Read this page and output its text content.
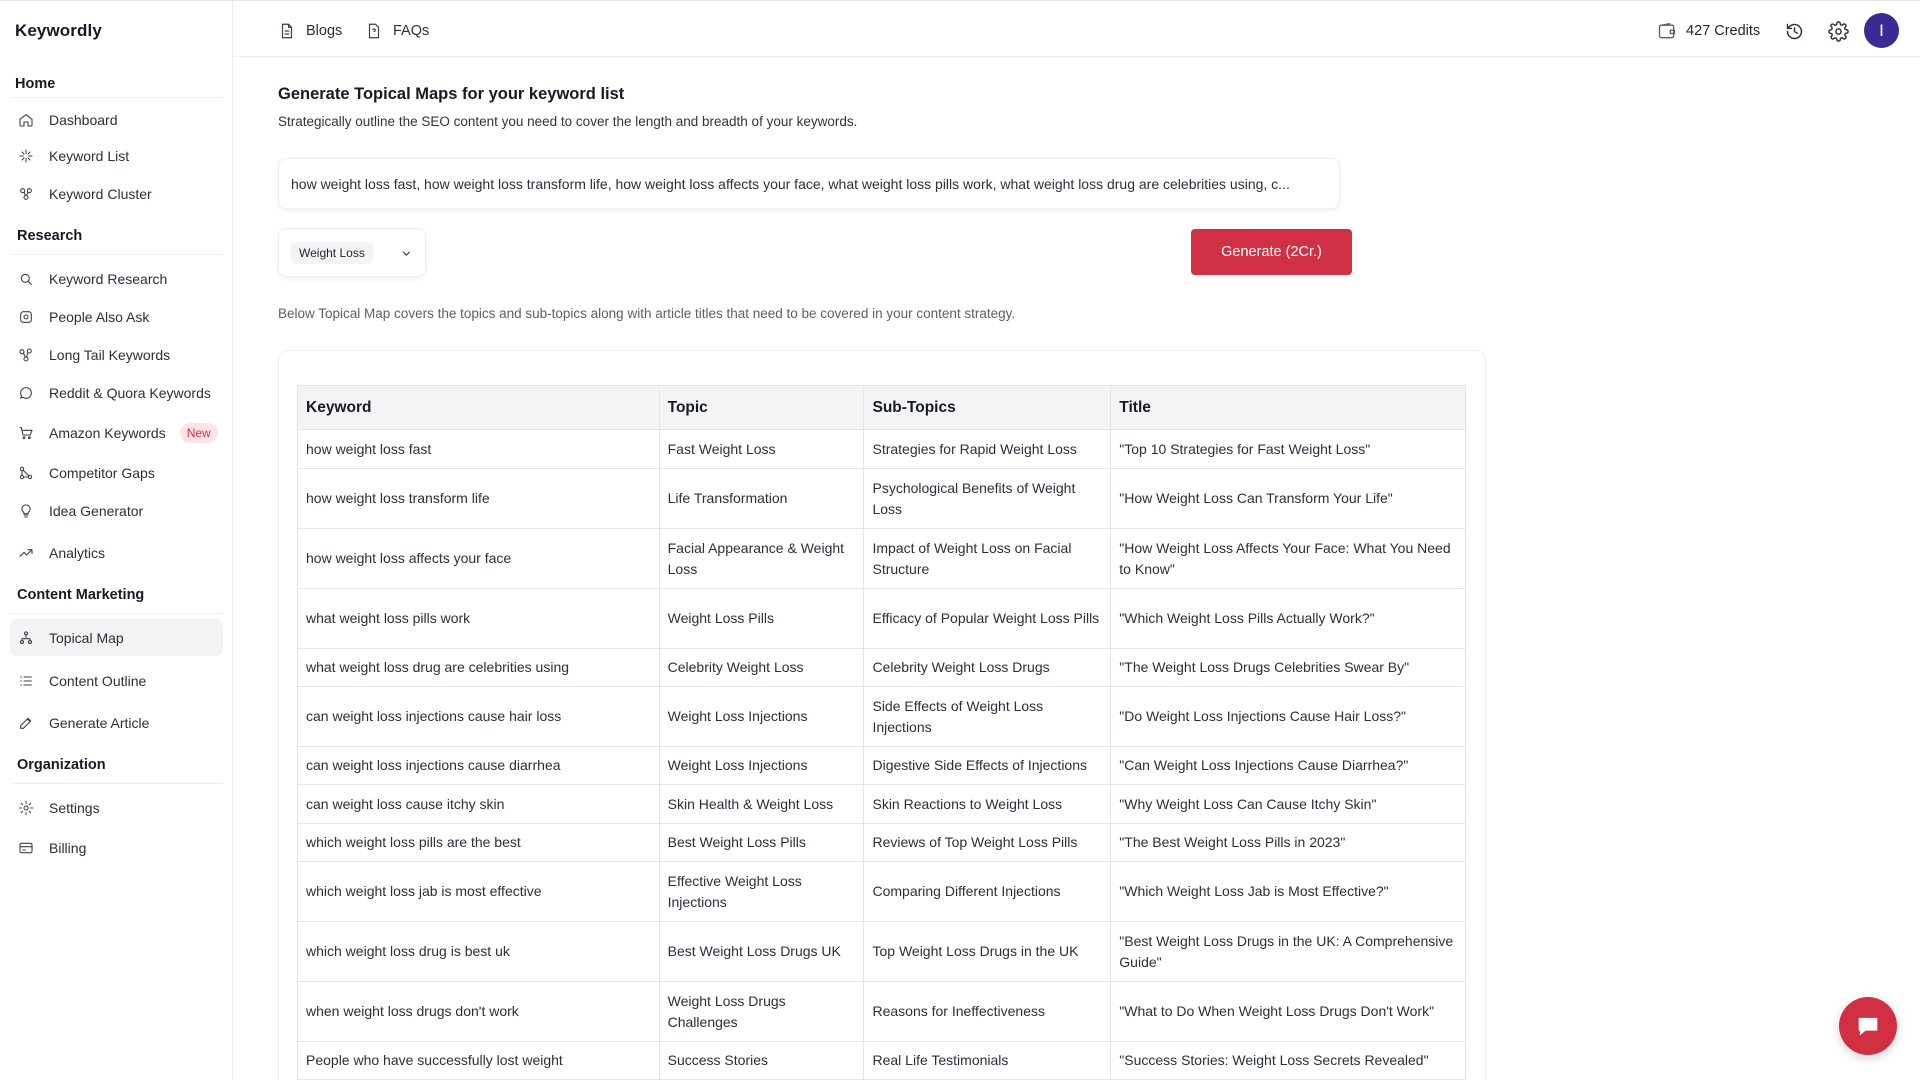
Keywordly
Home
Dashboard
Keyword List
Keyword Cluster
Research
Keyword Research
People Also Ask
Long Tail Keywords
Reddit & Quora Keywords
Amazon Keywords	New
Competitor Gaps
Idea Generator
Analytics
Content Marketing
Topical Map
Content Outline
Generate Article
Organization
Settings
Billing
Blogs	FAQs	427 Credits	I
Generate Topical Maps for your keyword list
Strategically outline the SEO content you need to cover the length and breadth of your keywords.
how weight loss fast, how weight loss transform life, how weight loss affects your face, what weight loss pills work, what weight loss drug are celebrities using, c...
Weight Loss	Generate (2Cr.)
Below Topical Map covers the topics and sub-topics along with article titles that need to be covered in your content strategy.
Keyword	Topic	Sub-Topics	Title
how weight loss fast	Fast Weight Loss	Strategies for Rapid Weight Loss	"Top 10 Strategies for Fast Weight Loss"
how weight loss transform life	Life Transformation	Psychological Benefits of Weight Loss	"How Weight Loss Can Transform Your Life"
how weight loss affects your face	Facial Appearance & Weight Loss	Impact of Weight Loss on Facial Structure	"How Weight Loss Affects Your Face: What You Need to Know"
what weight loss pills work	Weight Loss Pills	Efficacy of Popular Weight Loss Pills	"Which Weight Loss Pills Actually Work?"
what weight loss drug are celebrities using	Celebrity Weight Loss	Celebrity Weight Loss Drugs	"The Weight Loss Drugs Celebrities Swear By"
can weight loss injections cause hair loss	Weight Loss Injections	Side Effects of Weight Loss Injections	"Do Weight Loss Injections Cause Hair Loss?"
can weight loss injections cause diarrhea	Weight Loss Injections	Digestive Side Effects of Injections	"Can Weight Loss Injections Cause Diarrhea?"
can weight loss cause itchy skin	Skin Health & Weight Loss	Skin Reactions to Weight Loss	"Why Weight Loss Can Cause Itchy Skin"
which weight loss pills are the best	Best Weight Loss Pills	Reviews of Top Weight Loss Pills	"The Best Weight Loss Pills in 2023"
which weight loss jab is most effective	Effective Weight Loss Injections	Comparing Different Injections	"Which Weight Loss Jab is Most Effective?"
which weight loss drug is best uk	Best Weight Loss Drugs UK	Top Weight Loss Drugs in the UK	"Best Weight Loss Drugs in the UK: A Comprehensive Guide"
when weight loss drugs don't work	Weight Loss Drugs Challenges	Reasons for Ineffectiveness	"What to Do When Weight Loss Drugs Don't Work"
People who have successfully lost weight	Success Stories	Real Life Testimonials	"Success Stories: Weight Loss Secrets Revealed"
